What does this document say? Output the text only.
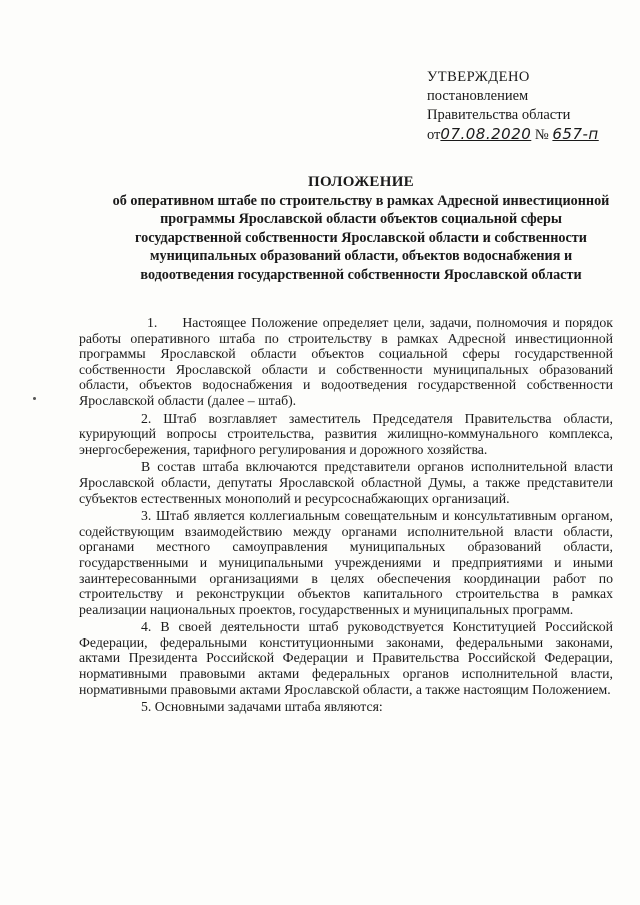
УТВЕРЖДЕНО
постановлением
Правительства области
от07.08.2020 № 657-п
ПОЛОЖЕНИЕ
об оперативном штабе по строительству в рамках Адресной инвестиционной программы Ярославской области объектов социальной сферы государственной собственности Ярославской области и собственности муниципальных образований области, объектов водоснабжения и водоотведения государственной собственности Ярославской области

1.     Настоящее Положение определяет цели, задачи, полномочия и порядок работы оперативного штаба по строительству в рамках Адресной инвестиционной программы Ярославской области объектов социальной сферы государственной собственности Ярославской области и собственности муниципальных образований области, объектов водоснабжения и водоотведения государственной собственности Ярославской области (далее – штаб).

2. Штаб возглавляет заместитель Председателя Правительства области, курирующий вопросы строительства, развития жилищно-коммунального комплекса, энергосбережения, тарифного регулирования и дорожного хозяйства.

В состав штаба включаются представители органов исполнительной власти Ярославской области, депутаты Ярославской областной Думы, а также представители субъектов естественных монополий и ресурсоснабжающих организаций.

3. Штаб является коллегиальным совещательным и консультативным органом, содействующим взаимодействию между органами исполнительной власти области, органами местного самоуправления муниципальных образований области, государственными и муниципальными учреждениями и предприятиями и иными заинтересованными организациями в целях обеспечения координации работ по строительству и реконструкции объектов капитального строительства в рамках реализации национальных проектов, государственных и муниципальных программ.

4. В своей деятельности штаб руководствуется Конституцией Российской Федерации, федеральными конституционными законами, федеральными законами, актами Президента Российской Федерации и Правительства Российской Федерации, нормативными правовыми актами федеральных органов исполнительной власти, нормативными правовыми актами Ярославской области, а также настоящим Положением.

5. Основными задачами штаба являются:
